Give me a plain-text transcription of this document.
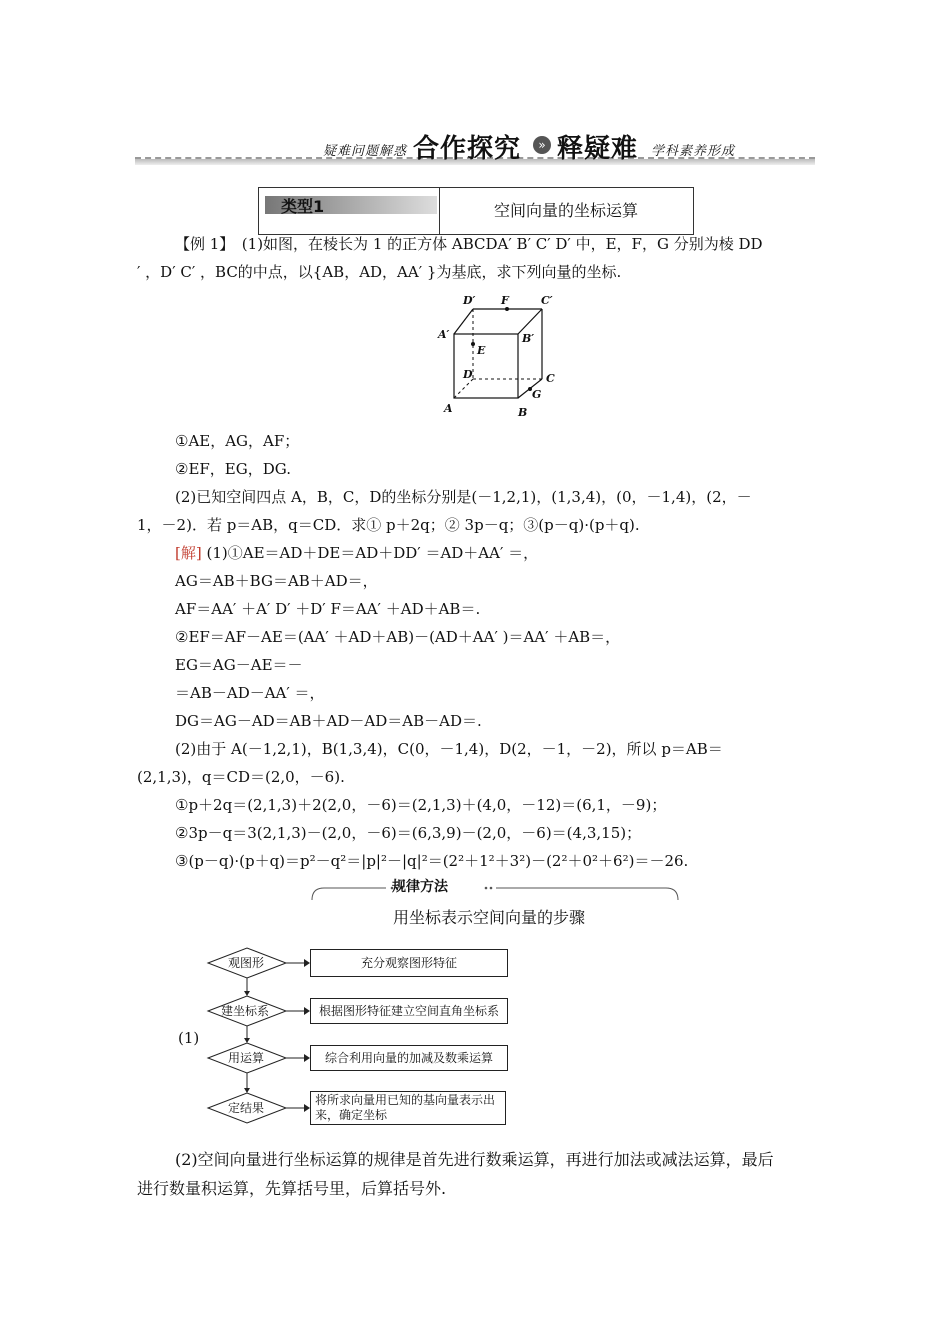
疑难问题解惑 合作探究	» 释疑难 学科素养形成
类型1	空间向量的坐标运算
【例 1】　(1)如图，在棱长为 1 的正方体 ABCDA′ B′ C′ D′ 中，E，F，G 分别为棱 DD
′ ，D′ C′ ，BC的中点，以{AB，AD，AA′ }为基底，求下列向量的坐标.
D′ F	C′
A′	B′
E
D	C
G
A	B
①AE，AG，AF；
②EF，EG，DG.
(2)已知空间四点 A，B，C，D的坐标分别是(－1,2,1)，(1,3,4)，(0，－1,4)，(2，－
1，－2)．若 p＝AB，q＝CD．求① p＋2q；② 3p－q；③(p－q)·(p＋q).
[解] (1)①AE＝AD＋DE＝AD＋DD′ ＝AD＋AA′ ＝，
AG＝AB＋BG＝AB＋AD＝，
AF＝AA′ ＋A′ D′ ＋D′ F＝AA′ ＋AD＋AB＝.
②EF＝AF－AE＝(AA′ ＋AD＋AB)－(AD＋AA′ )＝AA′ ＋AB＝，
EG＝AG－AE＝－
＝AB－AD－AA′ ＝，
DG＝AG－AD＝AB＋AD－AD＝AB－AD＝.
(2)由于 A(－1,2,1)，B(1,3,4)，C(0，－1,4)，D(2，－1，－2)，所以 p＝AB＝
(2,1,3)，q＝CD＝(2,0，－6).
①p＋2q＝(2,1,3)＋2(2,0，－6)＝(2,1,3)＋(4,0，－12)＝(6,1，－9)；
②3p－q＝3(2,1,3)－(2,0，－6)＝(6,3,9)－(2,0，－6)＝(4,3,15)；
③(p－q)·(p＋q)＝p²－q²＝|p|²－|q|²＝(2²＋1²＋3²)－(2²＋0²＋6²)＝－26.
规律方法
用坐标表示空间向量的步骤
(1)
观图形
建坐标系
用运算
定结果
充分观察图形特征
根据图形特征建立空间直角坐标系
综合利用向量的加减及数乘运算
将所求向量用已知的基向量表示出来，确定坐标
(2)空间向量进行坐标运算的规律是首先进行数乘运算，再进行加法或减法运算，最后
进行数量积运算，先算括号里，后算括号外.
